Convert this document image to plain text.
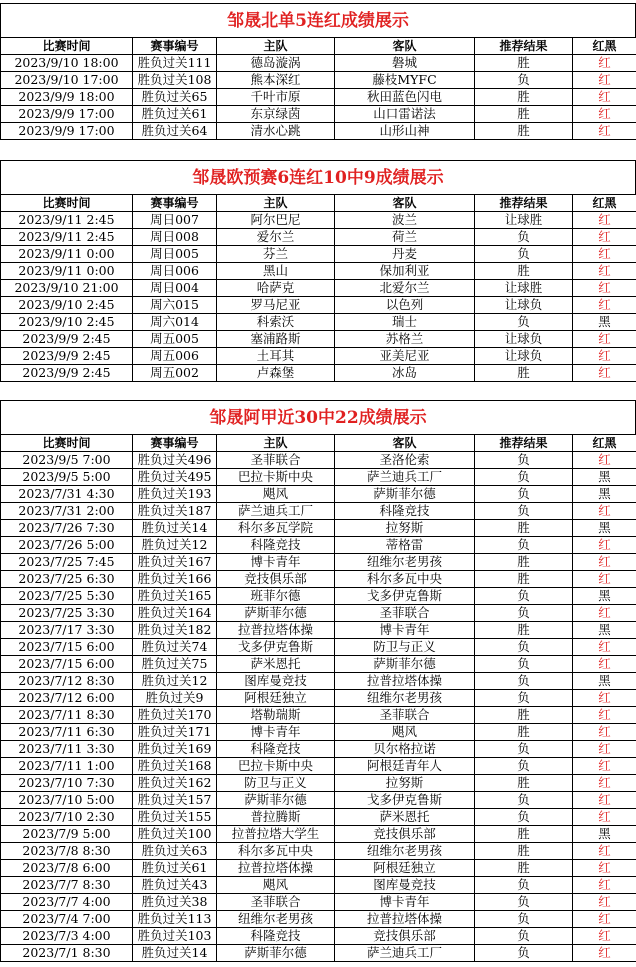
邹晟北单5连红成绩展示
比赛时间	赛事编号	主队	客队	推荐结果	红黑
2023/9/10 18:00	胜负过关111	德岛漩涡	磐城	胜	红
2023/9/10 17:00	胜负过关108	熊本深红	藤枝MYFC	负	红
2023/9/9 18:00	胜负过关65	千叶市原	秋田蓝色闪电	胜	红
2023/9/9 17:00	胜负过关61	东京绿茵	山口雷诺法	胜	红
2023/9/9 17:00	胜负过关64	清水心跳	山形山神	胜	红
邹晟欧预赛6连红10中9成绩展示
比赛时间	赛事编号	主队	客队	推荐结果	红黑
2023/9/11 2:45	周日007	阿尔巴尼	波兰	让球胜	红
2023/9/11 2:45	周日008	爱尔兰	荷兰	负	红
2023/9/11 0:00	周日005	芬兰	丹麦	负	红
2023/9/11 0:00	周日006	黑山	保加利亚	胜	红
2023/9/10 21:00	周日004	哈萨克	北爱尔兰	让球胜	红
2023/9/10 2:45	周六015	罗马尼亚	以色列	让球负	红
2023/9/10 2:45	周六014	科索沃	瑞士	负	黑
2023/9/9 2:45	周五005	塞浦路斯	苏格兰	让球负	红
2023/9/9 2:45	周五006	土耳其	亚美尼亚	让球负	红
2023/9/9 2:45	周五002	卢森堡	冰岛	胜	红
邹晟阿甲近30中22成绩展示
比赛时间	赛事编号	主队	客队	推荐结果	红黑
2023/9/5 7:00	胜负过关496	圣菲联合	圣洛伦索	负	红
2023/9/5 5:00	胜负过关495	巴拉卡斯中央	萨兰迪兵工厂	负	黑
2023/7/31 4:30	胜负过关193	飓风	萨斯菲尔德	负	黑
2023/7/31 2:00	胜负过关187	萨兰迪兵工厂	科隆竞技	负	红
2023/7/26 7:30	胜负过关14	科尔多瓦学院	拉努斯	胜	黑
2023/7/26 5:00	胜负过关12	科隆竞技	蒂格雷	负	红
2023/7/25 7:45	胜负过关167	博卡青年	纽维尔老男孩	胜	红
2023/7/25 6:30	胜负过关166	竞技俱乐部	科尔多瓦中央	胜	红
2023/7/25 5:30	胜负过关165	班菲尔德	戈多伊克鲁斯	负	黑
2023/7/25 3:30	胜负过关164	萨斯菲尔德	圣菲联合	负	红
2023/7/17 3:30	胜负过关182	拉普拉塔体操	博卡青年	胜	黑
2023/7/15 6:00	胜负过关74	戈多伊克鲁斯	防卫与正义	负	红
2023/7/15 6:00	胜负过关75	萨米恩托	萨斯菲尔德	负	红
2023/7/12 8:30	胜负过关12	图库曼竞技	拉普拉塔体操	负	黑
2023/7/12 6:00	胜负过关9	阿根廷独立	纽维尔老男孩	负	红
2023/7/11 8:30	胜负过关170	塔勒瑞斯	圣菲联合	胜	红
2023/7/11 6:30	胜负过关171	博卡青年	飓风	胜	红
2023/7/11 3:30	胜负过关169	科隆竞技	贝尔格拉诺	负	红
2023/7/11 1:00	胜负过关168	巴拉卡斯中央	阿根廷青年人	负	红
2023/7/10 7:30	胜负过关162	防卫与正义	拉努斯	胜	红
2023/7/10 5:00	胜负过关157	萨斯菲尔德	戈多伊克鲁斯	负	红
2023/7/10 2:30	胜负过关155	普拉腾斯	萨米恩托	负	红
2023/7/9 5:00	胜负过关100	拉普拉塔大学生	竞技俱乐部	胜	黑
2023/7/8 8:30	胜负过关63	科尔多瓦中央	纽维尔老男孩	胜	红
2023/7/8 6:00	胜负过关61	拉普拉塔体操	阿根廷独立	胜	红
2023/7/7 8:30	胜负过关43	飓风	图库曼竞技	负	红
2023/7/7 4:00	胜负过关38	圣菲联合	博卡青年	负	红
2023/7/4 7:00	胜负过关113	纽维尔老男孩	拉普拉塔体操	负	红
2023/7/3 4:00	胜负过关103	科隆竞技	竞技俱乐部	负	红
2023/7/1 8:30	胜负过关14	萨斯菲尔德	萨兰迪兵工厂	负	红
